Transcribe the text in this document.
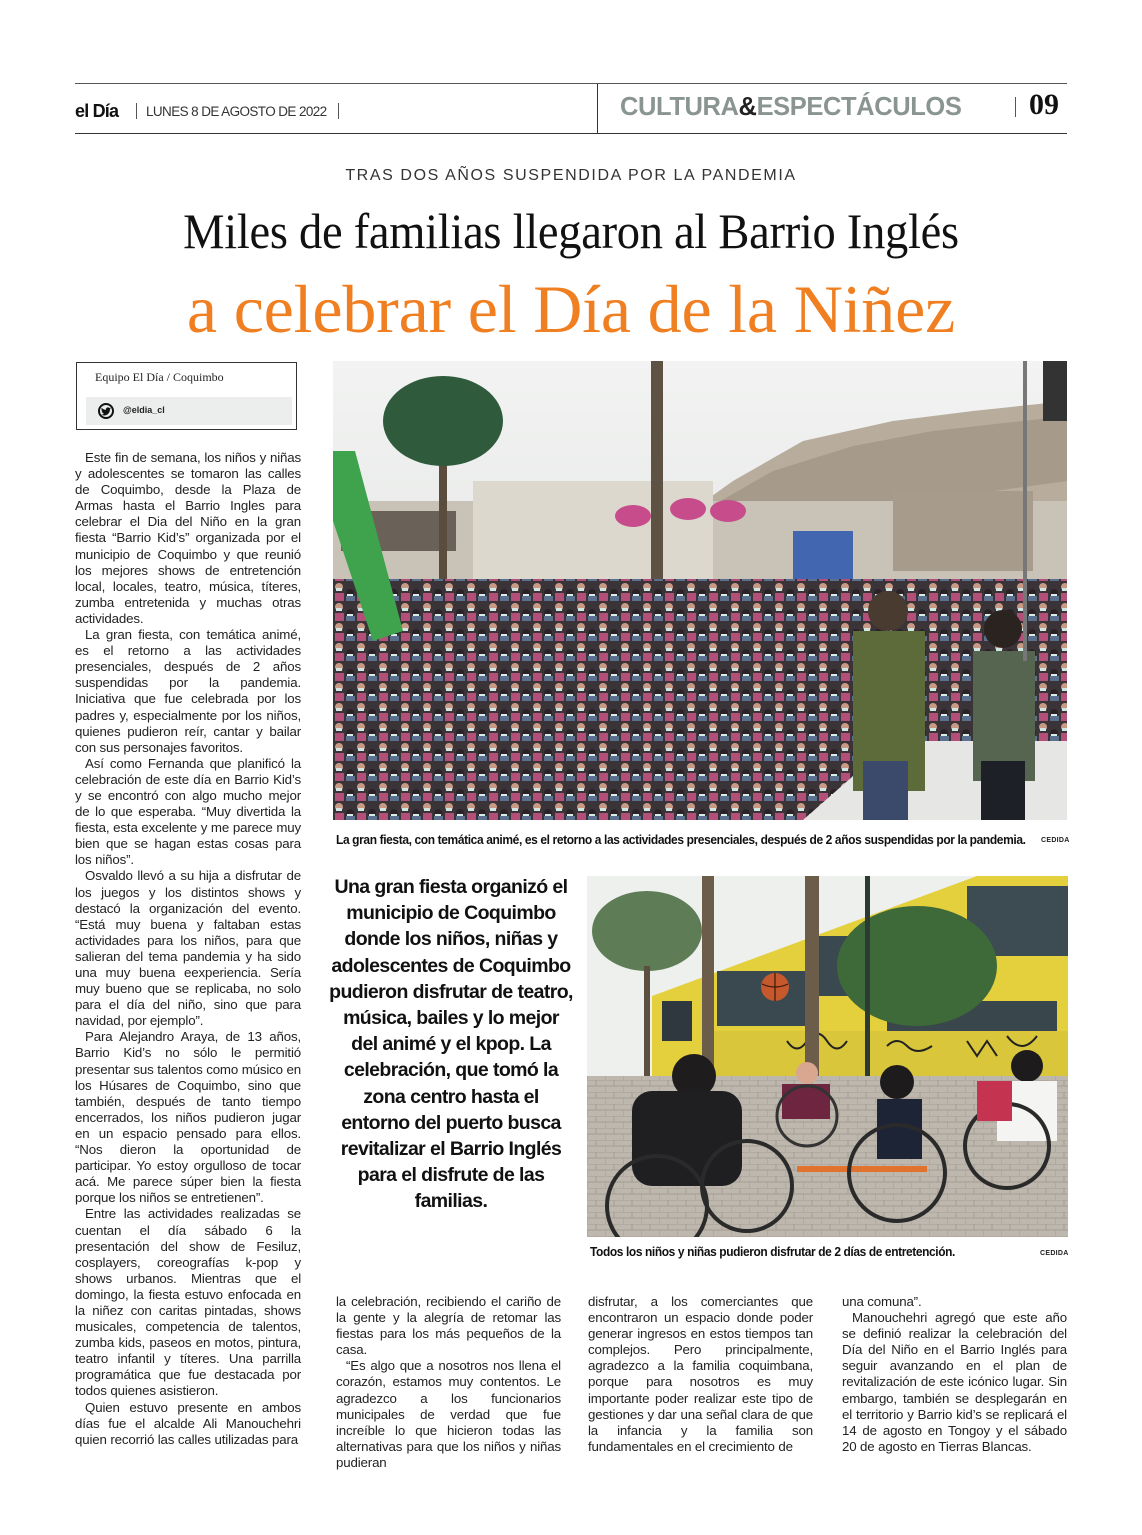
el Día LUNES 8 DE AGOSTO DE 2022	CULTURA&ESPECTÁCULOS 09
TRAS DOS AÑOS SUSPENDIDA POR LA PANDEMIA
Miles de familias llegaron al Barrio Inglés
a celebrar el Día de la Niñez
Equipo El Día / Coquimbo
@eldia_cl

Este fin de semana, los niños y niñas y adolescentes se tomaron las calles de Coquimbo, desde la Plaza de Armas hasta el Barrio Ingles para celebrar el Dia del Niño en la gran fiesta “Barrio Kid’s” organizada por el municipio de Coquimbo y que reunió los mejores shows de entretención local, locales, teatro, música, títeres, zumba entretenida y muchas otras actividades.

La gran fiesta, con temática animé, es el retorno a las actividades presenciales, después de 2 años suspendidas por la pandemia. Iniciativa que fue celebrada por los padres y, especialmente por los niños, quienes pudieron reír, cantar y bailar con sus personajes favoritos.

Así como Fernanda que planificó la celebración de este día en Barrio Kid’s y se encontró con algo mucho mejor de lo que esperaba. “Muy divertida la fiesta, esta excelente y me parece muy bien que se hagan estas cosas para los niños”.

Osvaldo llevó a su hija a disfrutar de los juegos y los distintos shows y destacó la organización del evento. “Está muy buena y faltaban estas actividades para los niños, para que salieran del tema pandemia y ha sido una muy buena eexperiencia. Sería muy bueno que se replicaba, no solo para el día del niño, sino que para navidad, por ejemplo”.

Para Alejandro Araya, de 13 años, Barrio Kid’s no sólo le permitió presentar sus talentos como músico en los Húsares de Coquimbo, sino que también, después de tanto tiempo encerrados, los niños pudieron jugar en un espacio pensado para ellos. “Nos dieron la oportunidad de participar. Yo estoy orgulloso de tocar acá. Me parece súper bien la fiesta porque los niños se entretienen”.

Entre las actividades realizadas se cuentan el día sábado 6 la presentación del show de Fesiluz, cosplayers, coreografías k-pop y shows urbanos. Mientras que el domingo, la fiesta estuvo enfocada en la niñez con caritas pintadas, shows musicales, competencia de talentos, zumba kids, paseos en motos, pintura, teatro infantil y títeres. Una parrilla programática que fue destacada por todos quienes asistieron.

Quien estuvo presente en ambos días fue el alcalde Ali Manouchehri quien recorrió las calles utilizadas para

La gran fiesta, con temática animé, es el retorno a las actividades presenciales, después de 2 años suspendidas por la pandemia. CEDIDA
Una gran fiesta organizó el municipio de Coquimbo donde los niños, niñas y adolescentes de Coquimbo pudieron disfrutar de teatro, música, bailes y lo mejor del animé y el kpop. La celebración, que tomó la zona centro hasta el entorno del puerto busca revitalizar el Barrio Inglés para el disfrute de las familias.
Todos los niños y niñas pudieron disfrutar de 2 días de entretención.	CEDIDA

la celebración, recibiendo el cariño de la gente y la alegría de retomar las fiestas para los más pequeños de la casa.

“Es algo que a nosotros nos llena el corazón, estamos muy contentos. Le agradezco a los funcionarios municipales de verdad que fue increíble lo que hicieron todas las alternativas para que los niños y niñas pudieran

disfrutar, a los comerciantes que encontraron un espacio donde poder generar ingresos en estos tiempos tan complejos. Pero principalmente, agradezco a la familia coquimbana, porque para nosotros es muy importante poder realizar este tipo de gestiones y dar una señal clara de que la infancia y la familia son fundamentales en el crecimiento de

una comuna”.

Manouchehri agregó que este año se definió realizar la celebración del Día del Niño en el Barrio Inglés para seguir avanzando en el plan de revitalización de este icónico lugar. Sin embargo, también se desplegarán en el territorio y Barrio kid’s se replicará el 14 de agosto en Tongoy y el sábado 20 de agosto en Tierras Blancas.
